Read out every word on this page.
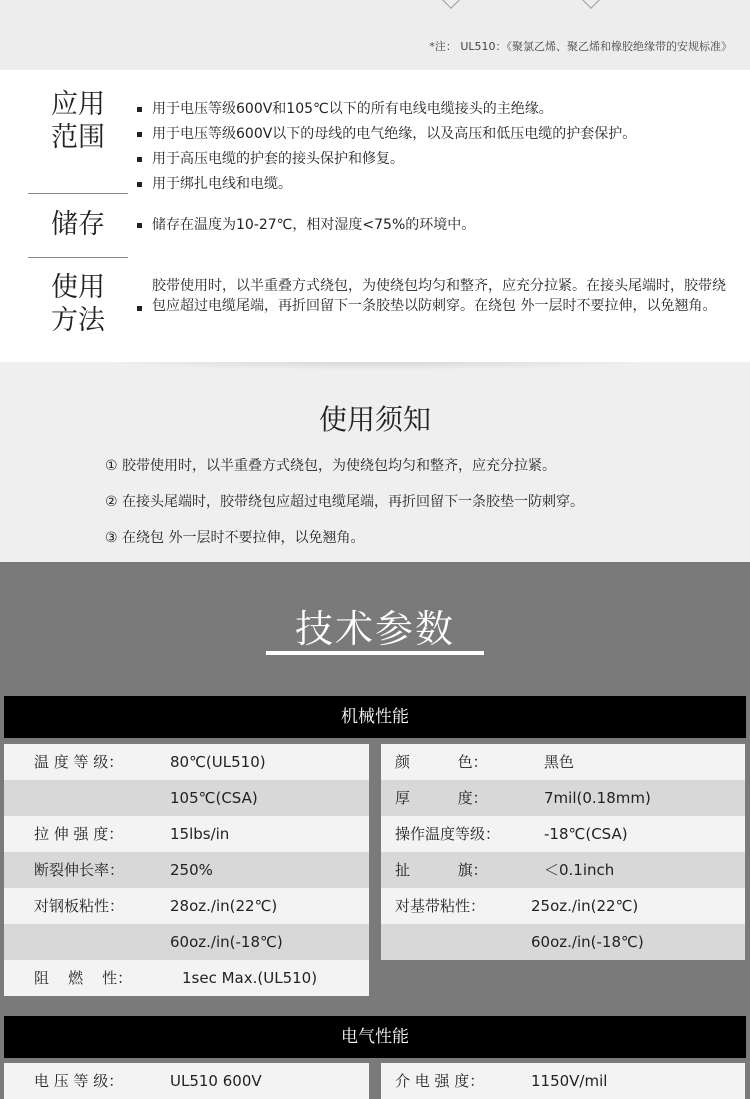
*注： UL510：《聚氯乙烯、聚乙烯和橡胶绝缘带的安规标准》
应用
范围
用于电压等级600V和105℃以下的所有电线电缆接头的主绝缘。
用于电压等级600V以下的母线的电气绝缘，以及高压和低压电缆的护套保护。
用于高压电缆的护套的接头保护和修复。
用于绑扎电线和电缆。
储存	储存在温度为10-27℃，相对湿度<75%的环境中。
使用
方法
胶带使用时，以半重叠方式绕包，为使绕包均匀和整齐，应充分拉紧。在接头尾端时，胶带绕包应超过电缆尾端，再折回留下一条胶垫以防刺穿。在绕包 外一层时不要拉伸，以免翘角。
使用须知
① 胶带使用时，以半重叠方式绕包，为使绕包均匀和整齐，应充分拉紧。
② 在接头尾端时，胶带绕包应超过电缆尾端，再折回留下一条胶垫一防刺穿。
③ 在绕包 外一层时不要拉伸，以免翘角。
技术参数
机械性能
温 度 等 级：	80℃(UL510)
105℃(CSA)
拉 伸 强 度：	15lbs/in
断裂伸长率：	250%
对钢板粘性：	28oz./in(22℃)
60oz./in(-18℃)
阻    燃    性：	1sec Max.(UL510)
颜          色：	黑色
厚          度：	7mil(0.18mm)
操作温度等级：	-18℃(CSA)
扯          旗：	＜0.1inch
对基带粘性：	25oz./in(22℃)
60oz./in(-18℃)
电气性能
电 压 等 级：	UL510 600V	介 电 强 度：	1150V/mil
